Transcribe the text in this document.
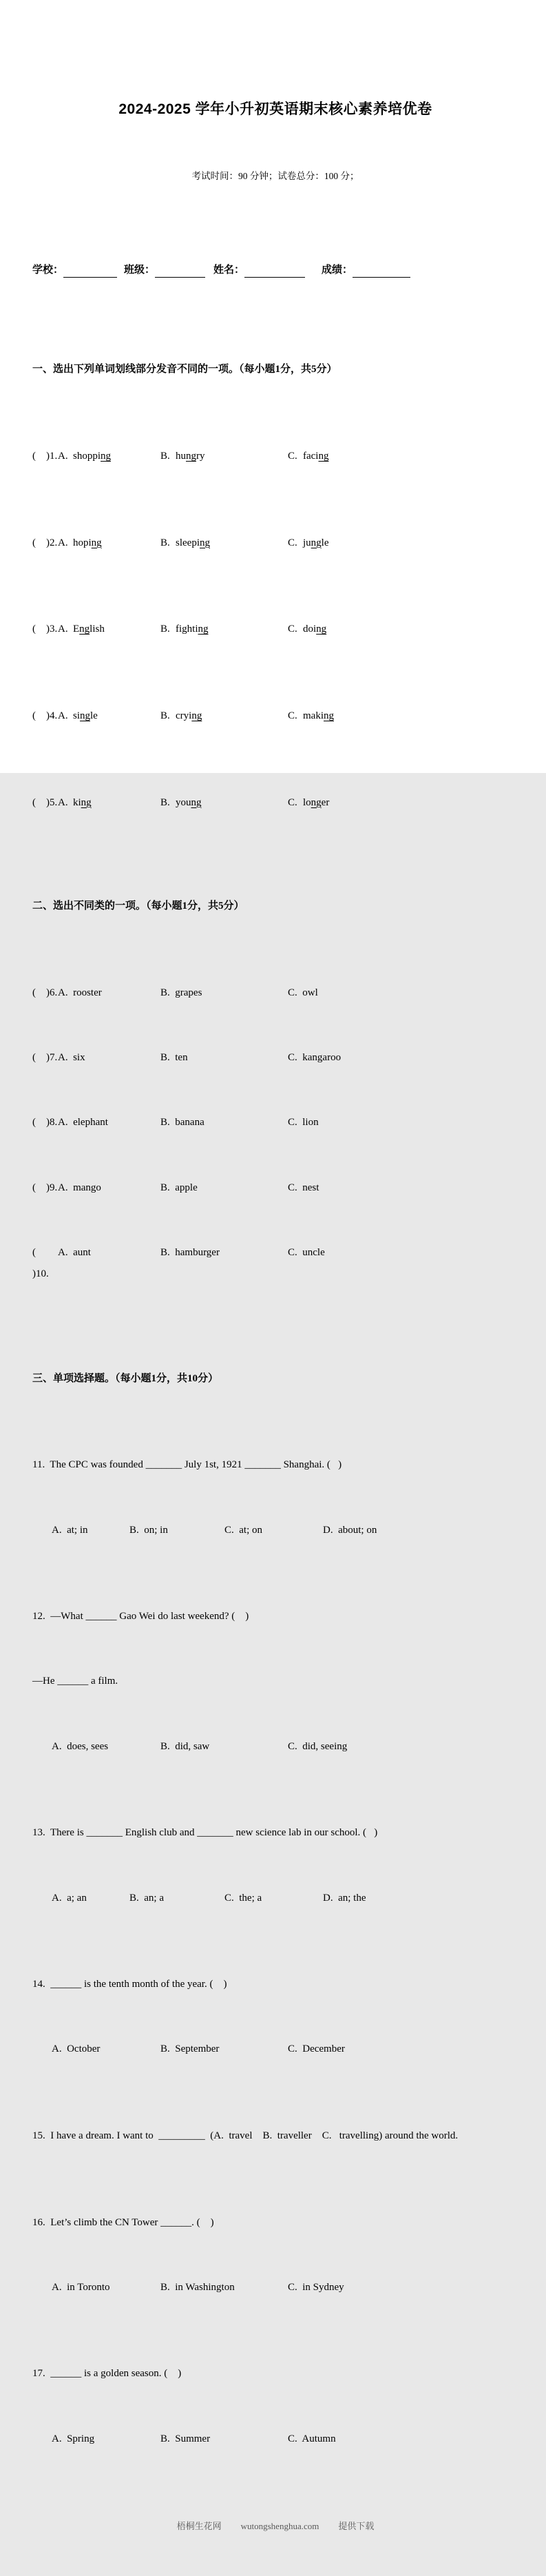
2024-2025 学年小升初英语期末核心素养培优卷

考试时间：90 分钟；试卷总分：100 分；

学校：	班级：	姓名：	成绩：

一、选出下列单词划线部分发音不同的一项。（每小题1分，共5分）

(    )1. A. shopping	B. hungry	C. facing

(    )2. A. hoping	B. sleeping	C. jungle

(    )3. A. English	B. fighting	C. doing

(    )4. A. single	B. crying	C. making

(    )5. A. king	B. young	C. longer

二、选出不同类的一项。（每小题1分，共5分）

(    )6. A.  rooster	B.  grapes	C.  owl

(    )7. A.  six	B.  ten	C.  kangaroo

(    )8. A.  elephant	B.  banana	C.  lion

(    )9. A.  mango	B.  apple	C.  nest

(   )10.
A.  aunt	B.  hamburger	C.  uncle

三、单项选择题。（每小题1分，共10分）

11.  The CPC was founded _______ July 1st, 1921 _______ Shanghai. (   )

A.  at; in	B.  on; in	C.  at; on	D.  about; on

12.  —What ______ Gao Wei do last weekend? (    )

—He ______ a film.

A.  does, sees	B.  did, saw	C.  did, seeing

13.  There is _______ English club and _______ new science lab in our school. (   )

A.  a; an	B.  an; a	C.  the; a	D.  an; the

14.  ______ is the tenth month of the year. (    )

A.  October	B.  September	C.  December

15.  I have a dream. I want to  _________  (A.  travel    B.  traveller    C.   travelling) around the world.

16.  Let’s climb the CN Tower ______. (    )

A.  in Toronto	B.  in Washington	C.  in Sydney

17.  ______ is a golden season. (    )

A.  Spring	B.  Summer	C.  Autumn

梧桐生花网 wutongshenghua.com 提供下载
